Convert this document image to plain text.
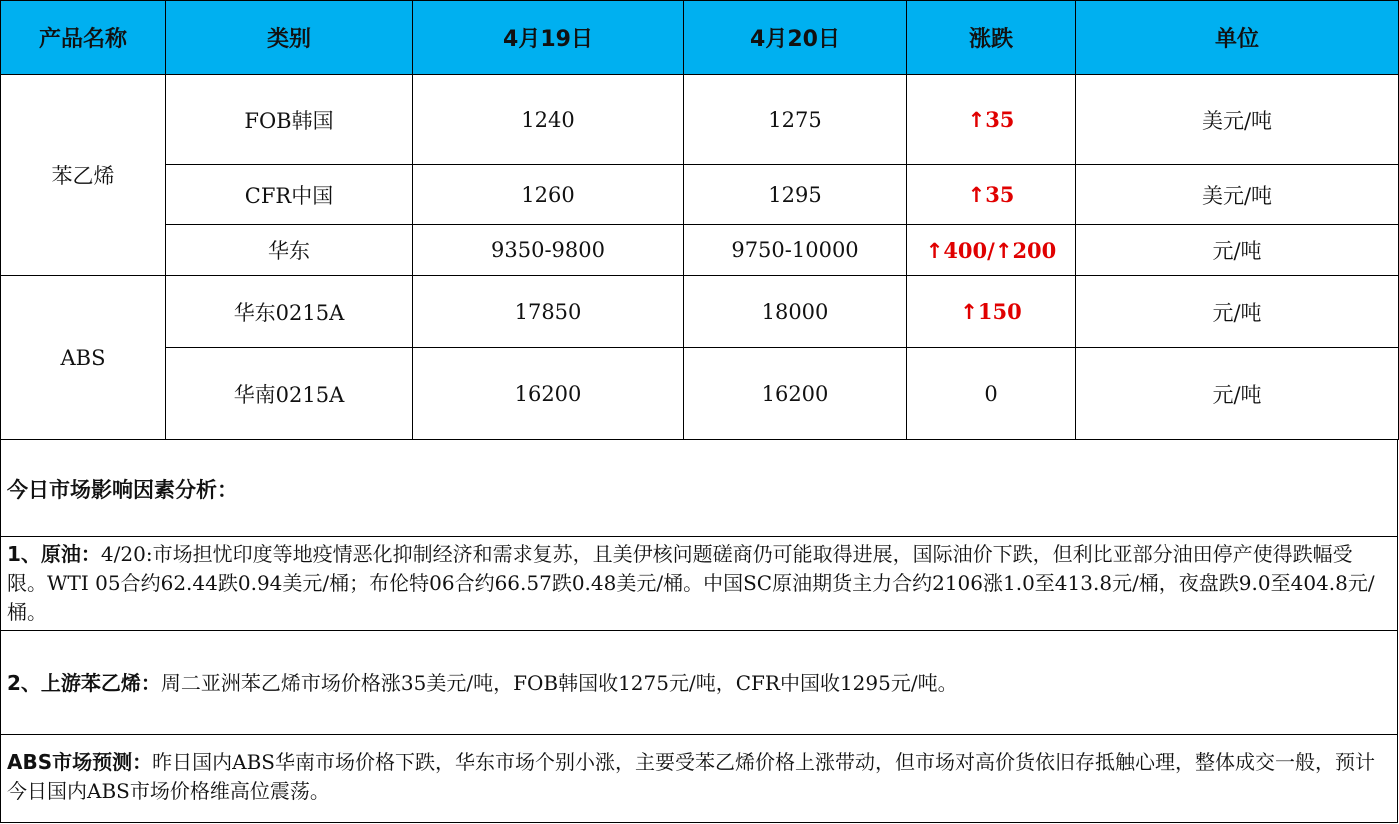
产品名称	类别	4月19日	4月20日	涨跌	单位
苯乙烯	FOB韩国	1240	1275	↑35	美元/吨
	CFR中国	1260	1295	↑35	美元/吨
	华东	9350-9800	9750-10000	↑400/↑200	元/吨
ABS	华东0215A	17850	18000	↑150	元/吨
	华南0215A	16200	16200	0	元/吨
今日市场影响因素分析：
1、原油：4/20:市场担忧印度等地疫情恶化抑制经济和需求复苏，且美伊核问题磋商仍可能取得进展，国际油价下跌，但利比亚部分油田停产使得跌幅受限。WTI 05合约62.44跌0.94美元/桶；布伦特06合约66.57跌0.48美元/桶。中国SC原油期货主力合约2106涨1.0至413.8元/桶，夜盘跌9.0至404.8元/桶。
2、上游苯乙烯：周二亚洲苯乙烯市场价格涨35美元/吨，FOB韩国收1275元/吨，CFR中国收1295元/吨。
ABS市场预测：昨日国内ABS华南市场价格下跌，华东市场个别小涨，主要受苯乙烯价格上涨带动，但市场对高价货依旧存抵触心理，整体成交一般，预计今日国内ABS市场价格维高位震荡。
